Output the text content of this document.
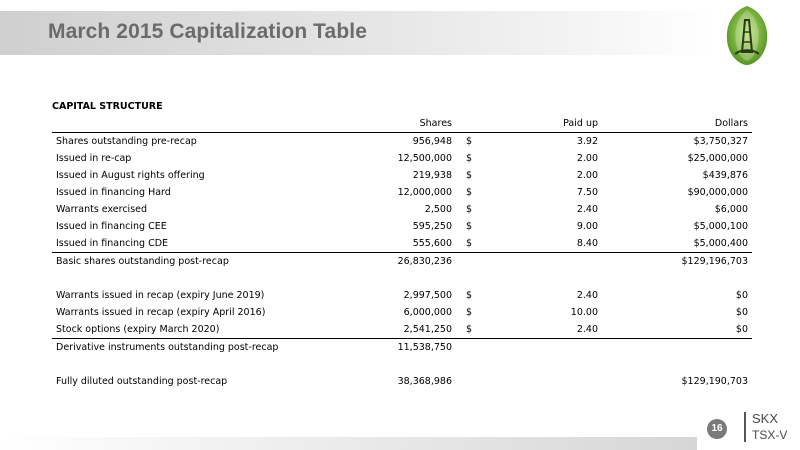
March 2015 Capitalization Table
CAPITAL STRUCTURE
	Shares		Paid up	Dollars
Shares outstanding pre-recap	956,948	$	3.92	$3,750,327
Issued in re-cap	12,500,000	$	2.00	$25,000,000
Issued in August rights offering	219,938	$	2.00	$439,876
Issued in financing Hard	12,000,000	$	7.50	$90,000,000
Warrants exercised	2,500	$	2.40	$6,000
Issued in financing CEE	595,250	$	9.00	$5,000,100
Issued in financing CDE	555,600	$	8.40	$5,000,400
Basic shares outstanding post-recap	26,830,236			$129,196,703

Warrants issued in recap (expiry June 2019)	2,997,500	$	2.40	$0
Warrants issued in recap (expiry April 2016)	6,000,000	$	10.00	$0
Stock options (expiry March 2020)	2,541,250	$	2.40	$0
Derivative instruments outstanding post-recap	11,538,750			

Fully diluted outstanding post-recap	38,368,986			$129,190,703
16
SKX
TSX-V
